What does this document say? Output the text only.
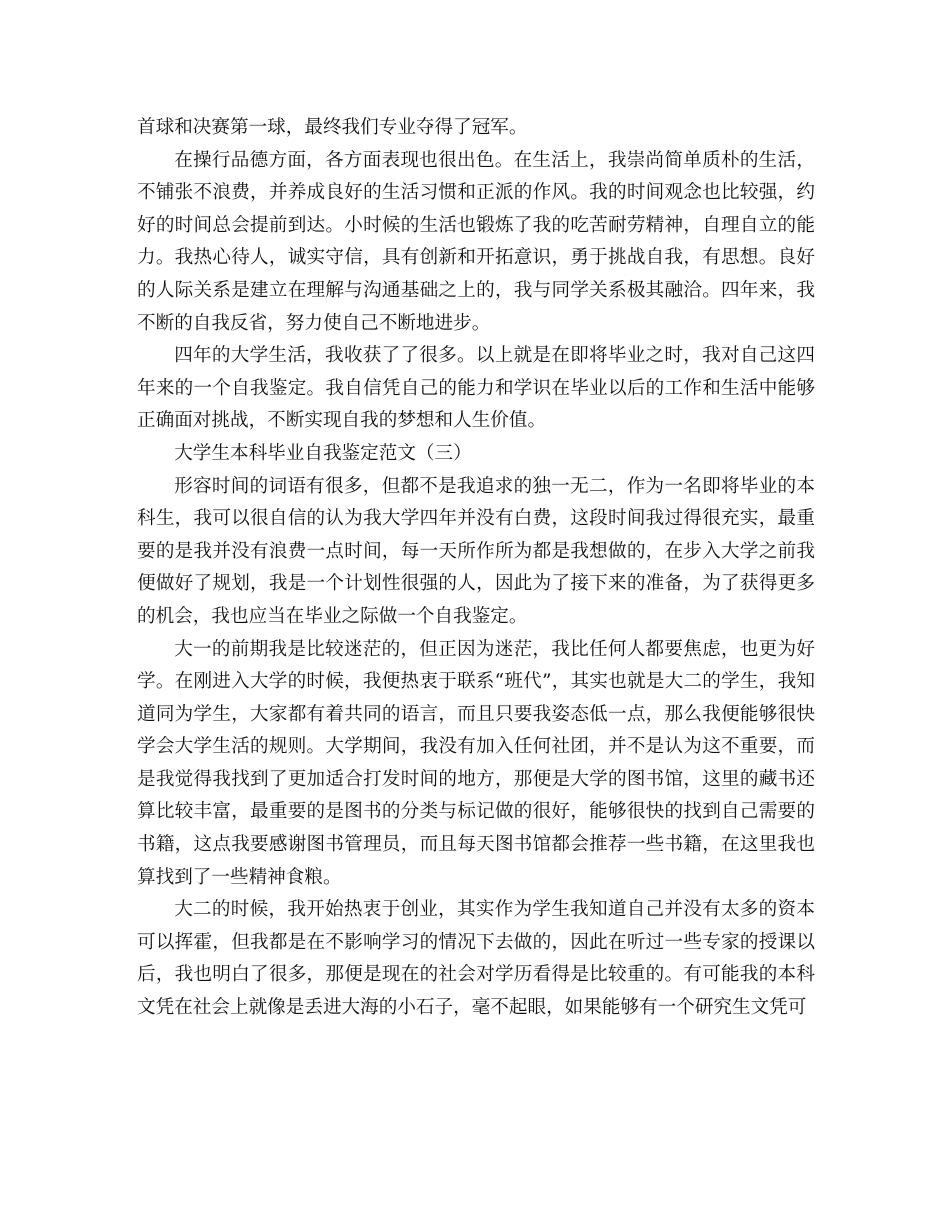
首球和决赛第一球，最终我们专业夺得了冠军。

在操行品德方面，各方面表现也很出色。在生活上，我崇尚简单质朴的生活，不铺张不浪费，并养成良好的生活习惯和正派的作风。我的时间观念也比较强，约好的时间总会提前到达。小时候的生活也锻炼了我的吃苦耐劳精神，自理自立的能力。我热心待人，诚实守信，具有创新和开拓意识，勇于挑战自我，有思想。良好的人际关系是建立在理解与沟通基础之上的，我与同学关系极其融洽。四年来，我不断的自我反省，努力使自己不断地进步。

四年的大学生活，我收获了了很多。以上就是在即将毕业之时，我对自己这四年来的一个自我鉴定。我自信凭自己的能力和学识在毕业以后的工作和生活中能够正确面对挑战，不断实现自我的梦想和人生价值。

大学生本科毕业自我鉴定范文（三）

形容时间的词语有很多，但都不是我追求的独一无二，作为一名即将毕业的本科生，我可以很自信的认为我大学四年并没有白费，这段时间我过得很充实，最重要的是我并没有浪费一点时间，每一天所作所为都是我想做的，在步入大学之前我便做好了规划，我是一个计划性很强的人，因此为了接下来的准备，为了获得更多的机会，我也应当在毕业之际做一个自我鉴定。

大一的前期我是比较迷茫的，但正因为迷茫，我比任何人都要焦虑，也更为好学。在刚进入大学的时候，我便热衷于联系“班代”，其实也就是大二的学生，我知道同为学生，大家都有着共同的语言，而且只要我姿态低一点，那么我便能够很快学会大学生活的规则。大学期间，我没有加入任何社团，并不是认为这不重要，而是我觉得我找到了更加适合打发时间的地方，那便是大学的图书馆，这里的藏书还算比较丰富，最重要的是图书的分类与标记做的很好，能够很快的找到自己需要的书籍，这点我要感谢图书管理员，而且每天图书馆都会推荐一些书籍，在这里我也算找到了一些精神食粮。

大二的时候，我开始热衷于创业，其实作为学生我知道自己并没有太多的资本可以挥霍，但我都是在不影响学习的情况下去做的，因此在听过一些专家的授课以后，我也明白了很多，那便是现在的社会对学历看得是比较重的。有可能我的本科文凭在社会上就像是丢进大海的小石子，毫不起眼，如果能够有一个研究生文凭可
